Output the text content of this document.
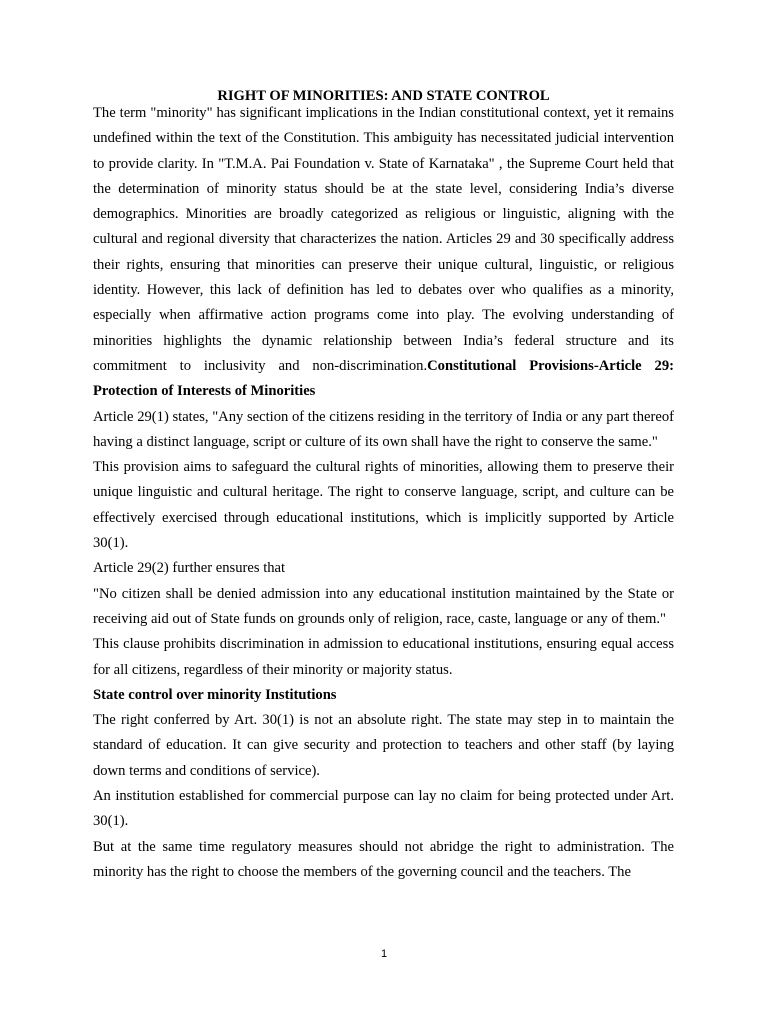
RIGHT OF MINORITIES: AND STATE CONTROL

The term "minority" has significant implications in the Indian constitutional context, yet it remains undefined within the text of the Constitution. This ambiguity has necessitated judicial intervention to provide clarity. In "T.M.A. Pai Foundation v. State of Karnataka" , the Supreme Court held that the determination of minority status should be at the state level, considering India’s diverse demographics. Minorities are broadly categorized as religious or linguistic, aligning with the cultural and regional diversity that characterizes the nation. Articles 29 and 30 specifically address their rights, ensuring that minorities can preserve their unique cultural, linguistic, or religious identity. However, this lack of definition has led to debates over who qualifies as a minority, especially when affirmative action programs come into play. The evolving understanding of minorities highlights the dynamic relationship between India’s federal structure and its commitment to inclusivity and non-discrimination.Constitutional Provisions-Article 29: Protection of Interests of Minorities

Article 29(1) states, "Any section of the citizens residing in the territory of India or any part thereof having a distinct language, script or culture of its own shall have the right to conserve the same."

This provision aims to safeguard the cultural rights of minorities, allowing them to preserve their unique linguistic and cultural heritage. The right to conserve language, script, and culture can be effectively exercised through educational institutions, which is implicitly supported by Article 30(1).

Article 29(2) further ensures that

"No citizen shall be denied admission into any educational institution maintained by the State or receiving aid out of State funds on grounds only of religion, race, caste, language or any of them."

This clause prohibits discrimination in admission to educational institutions, ensuring equal access for all citizens, regardless of their minority or majority status.

State control over minority Institutions

The right conferred by Art. 30(1) is not an absolute right. The state may step in to maintain the standard of education. It can give security and protection to teachers and other staff (by laying down terms and conditions of service).

An institution established for commercial purpose can lay no claim for being protected under Art. 30(1).

But at the same time regulatory measures should not abridge the right to administration. The minority has the right to choose the members of the governing council and the teachers. The

1
